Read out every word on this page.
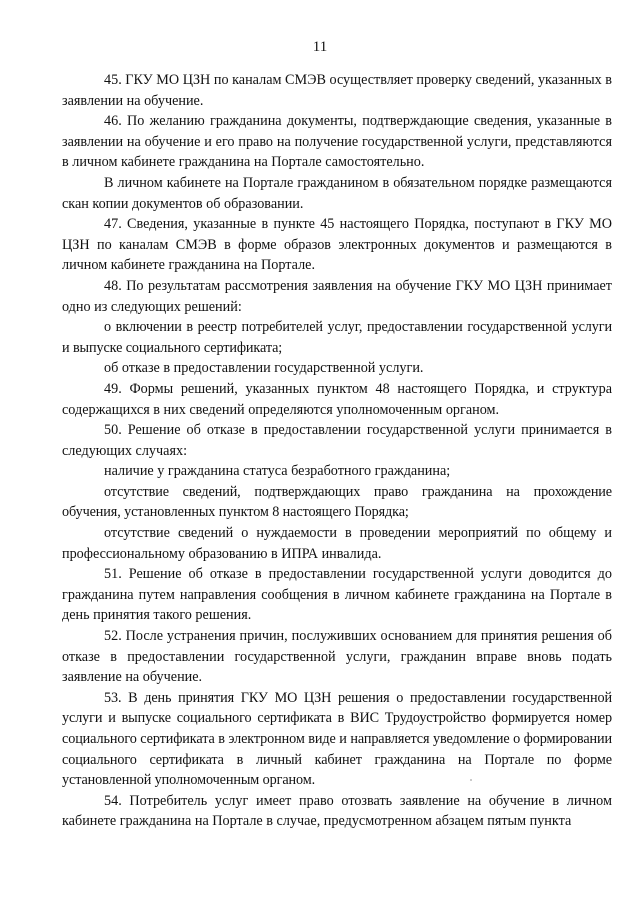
11

45. ГКУ МО ЦЗН по каналам СМЭВ осуществляет проверку сведений, указанных в заявлении на обучение.

46. По желанию гражданина документы, подтверждающие сведения, указанные в заявлении на обучение и его право на получение государственной услуги, представляются в личном кабинете гражданина на Портале самостоятельно.

В личном кабинете на Портале гражданином в обязательном порядке размещаются скан копии документов об образовании.

47. Сведения, указанные в пункте 45 настоящего Порядка, поступают в ГКУ МО ЦЗН по каналам СМЭВ в форме образов электронных документов и размещаются в личном кабинете гражданина на Портале.

48. По результатам рассмотрения заявления на обучение ГКУ МО ЦЗН принимает одно из следующих решений:

о включении в реестр потребителей услуг, предоставлении государственной услуги и выпуске социального сертификата;

об отказе в предоставлении государственной услуги.

49. Формы решений, указанных пунктом 48 настоящего Порядка, и структура содержащихся в них сведений определяются уполномоченным органом.

50. Решение об отказе в предоставлении государственной услуги принимается в следующих случаях:

наличие у гражданина статуса безработного гражданина;

отсутствие сведений, подтверждающих право гражданина на прохождение обучения, установленных пунктом 8 настоящего Порядка;

отсутствие сведений о нуждаемости в проведении мероприятий по общему и профессиональному образованию в ИПРА инвалида.

51. Решение об отказе в предоставлении государственной услуги доводится до гражданина путем направления сообщения в личном кабинете гражданина на Портале в день принятия такого решения.

52. После устранения причин, послуживших основанием для принятия решения об отказе в предоставлении государственной услуги, гражданин вправе вновь подать заявление на обучение.

53. В день принятия ГКУ МО ЦЗН решения о предоставлении государственной услуги и выпуске социального сертификата в ВИС Трудоустройство формируется номер социального сертификата в электронном виде и направляется уведомление о формировании социального сертификата в личный кабинет гражданина на Портале по форме установленной уполномоченным органом.

54. Потребитель услуг имеет право отозвать заявление на обучение в личном кабинете гражданина на Портале в случае, предусмотренном абзацем пятым пункта
